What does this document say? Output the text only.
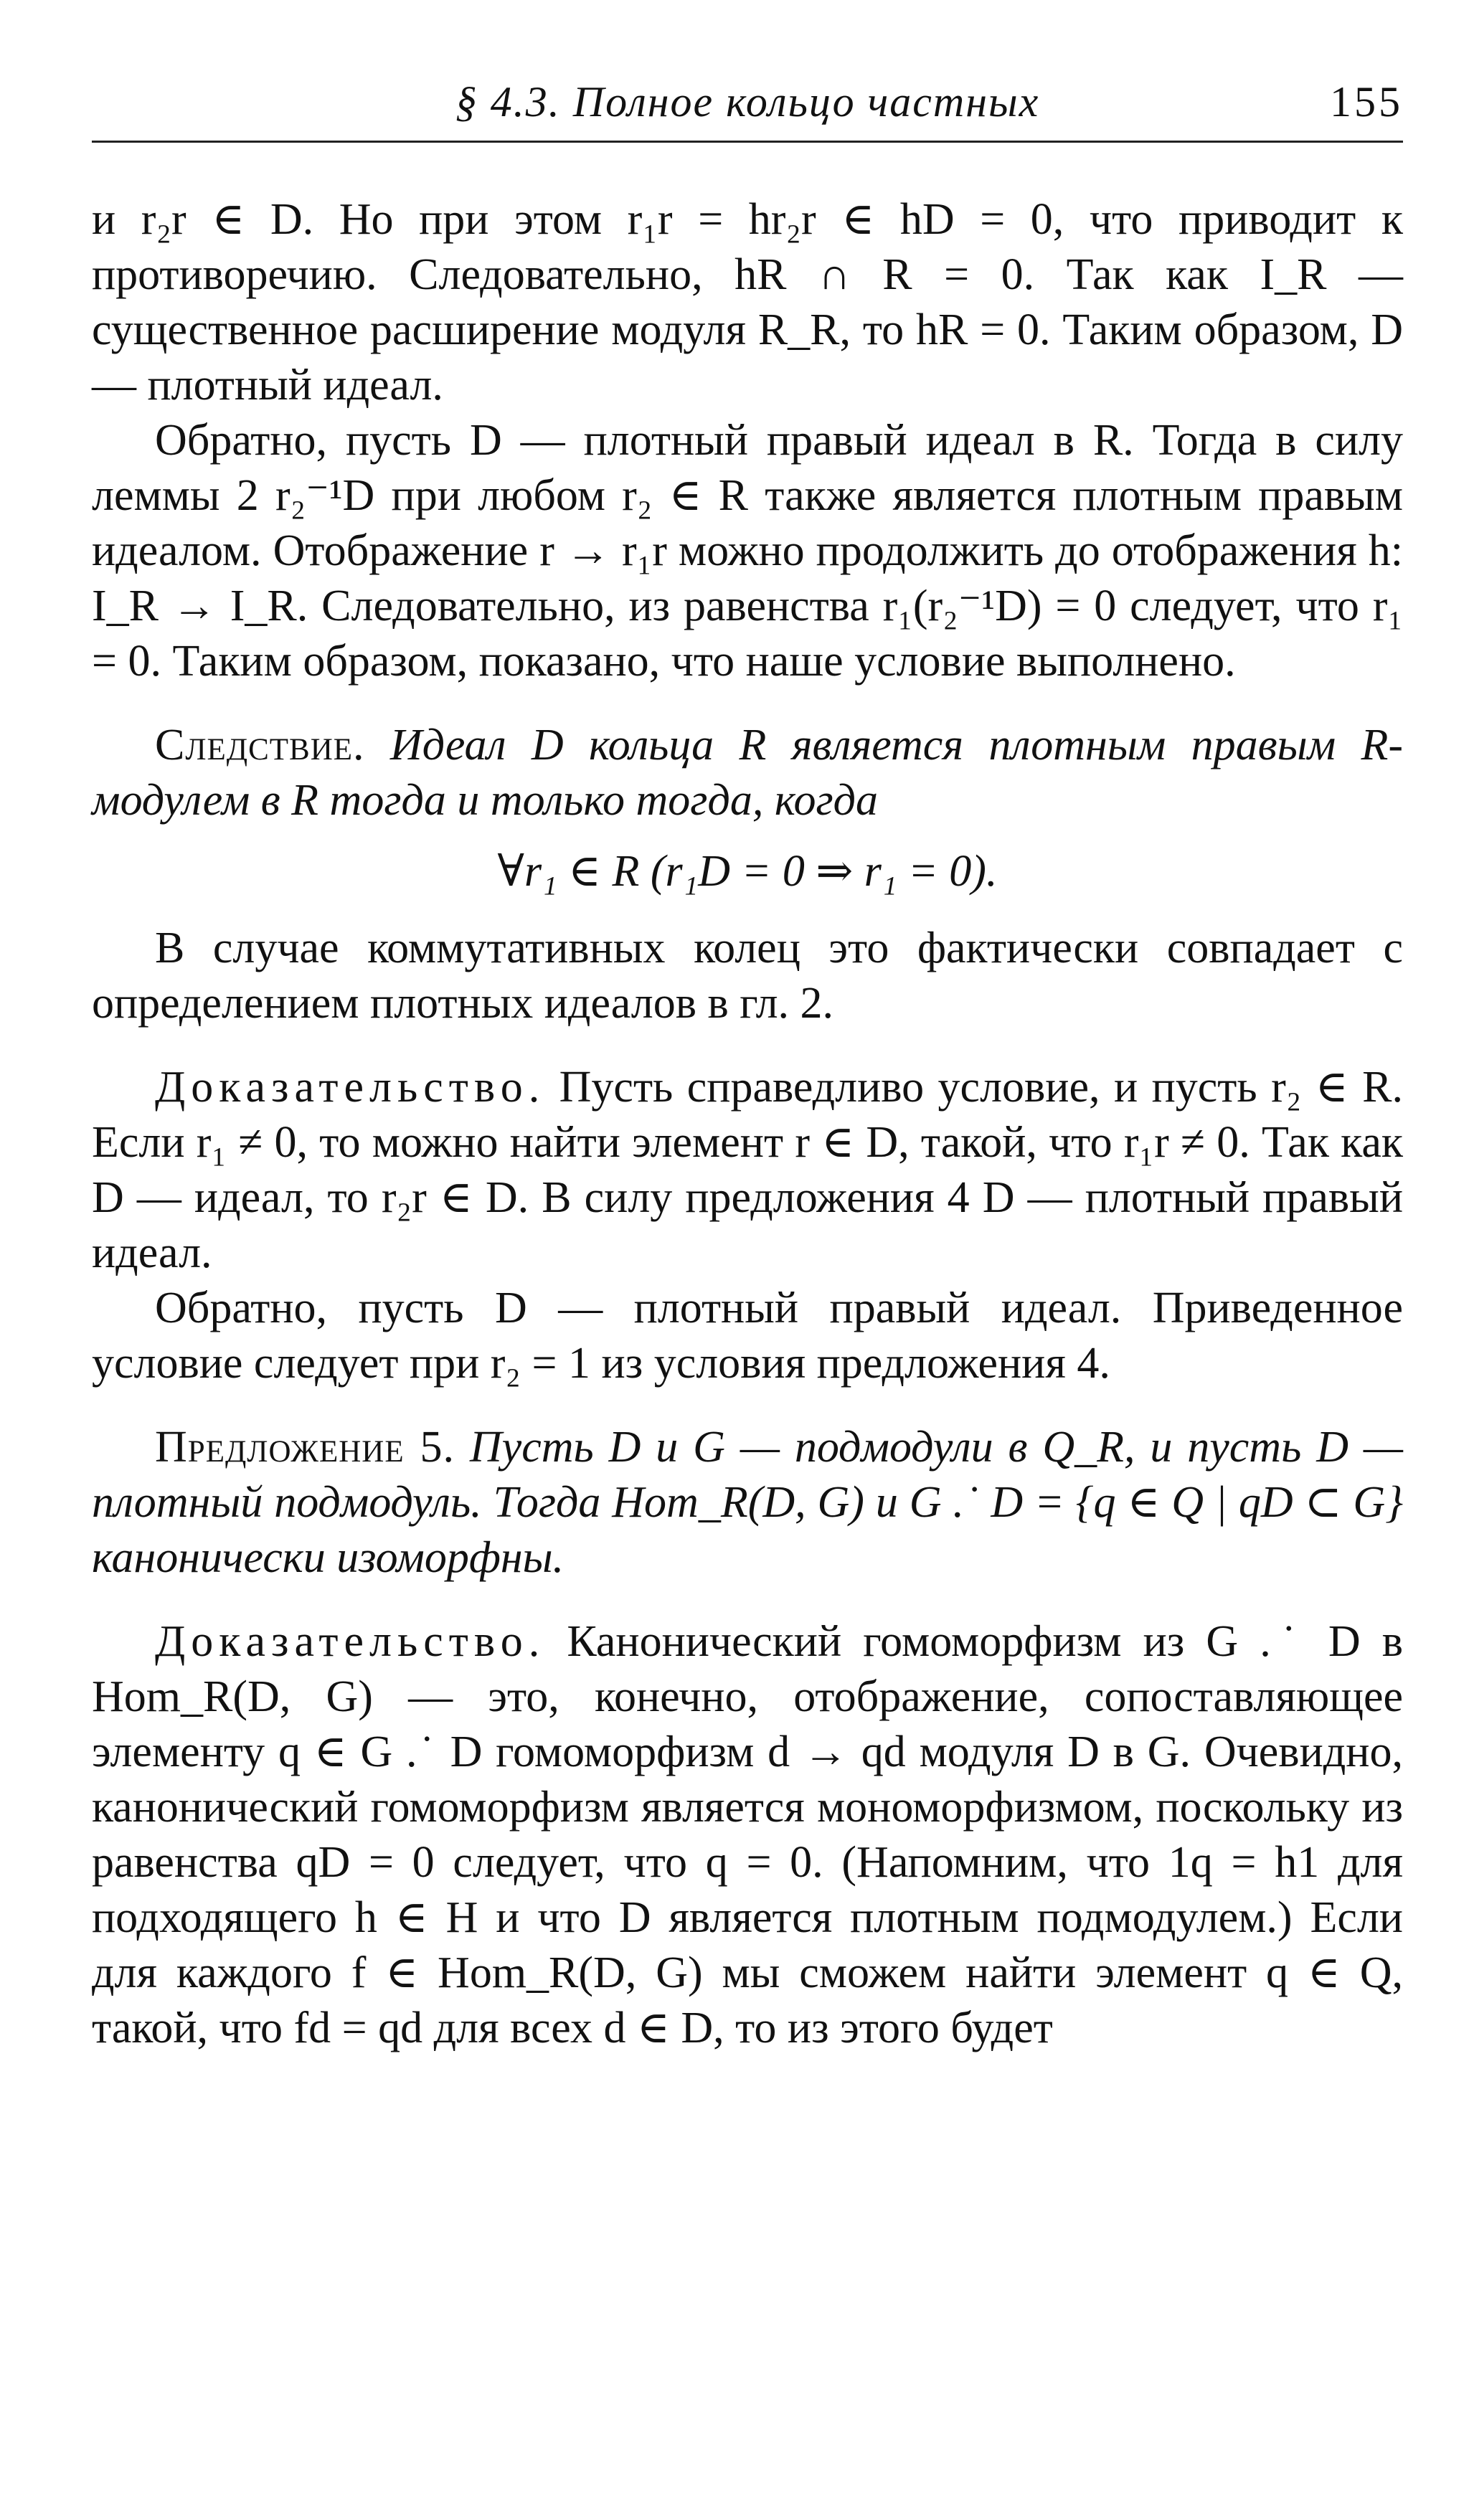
§ 4.3. Полное кольцо частных	155

и r₂r ∈ D. Но при этом r₁r = hr₂r ∈ hD = 0, что приводит к противоречию. Следовательно, hR ∩ R = 0. Так как I_R — существенное расширение модуля R_R, то hR = 0. Таким образом, D — плотный идеал.

Обратно, пусть D — плотный правый идеал в R. Тогда в силу леммы 2 r₂⁻¹D при любом r₂ ∈ R также является плотным правым идеалом. Отображение r → r₁r можно продолжить до отображения h: I_R → I_R. Следовательно, из равенства r₁(r₂⁻¹D) = 0 следует, что r₁ = 0. Таким образом, показано, что наше условие выполнено.

Следствие. Идеал D кольца R является плотным правым R-модулем в R тогда и только тогда, когда

∀r₁ ∈ R (r₁D = 0 ⇒ r₁ = 0).

В случае коммутативных колец это фактически совпадает с определением плотных идеалов в гл. 2.

Доказательство. Пусть справедливо условие, и пусть r₂ ∈ R. Если r₁ ≠ 0, то можно найти элемент r ∈ D, такой, что r₁r ≠ 0. Так как D — идеал, то r₂r ∈ D. В силу предложения 4 D — плотный правый идеал.

Обратно, пусть D — плотный правый идеал. Приведенное условие следует при r₂ = 1 из условия предложения 4.

Предложение 5. Пусть D и G — подмодули в Q_R, и пусть D — плотный подмодуль. Тогда Hom_R(D, G) и G .˙ D = {q ∈ Q | qD ⊂ G} канонически изоморфны.

Доказательство. Канонический гомоморфизм из G .˙ D в Hom_R(D, G) — это, конечно, отображение, сопоставляющее элементу q ∈ G .˙ D гомоморфизм d → qd модуля D в G. Очевидно, канонический гомоморфизм является мономорфизмом, поскольку из равенства qD = 0 следует, что q = 0. (Напомним, что 1q = h1 для подходящего h ∈ H и что D является плотным подмодулем.) Если для каждого f ∈ Hom_R(D, G) мы сможем найти элемент q ∈ Q, такой, что fd = qd для всех d ∈ D, то из этого будет
